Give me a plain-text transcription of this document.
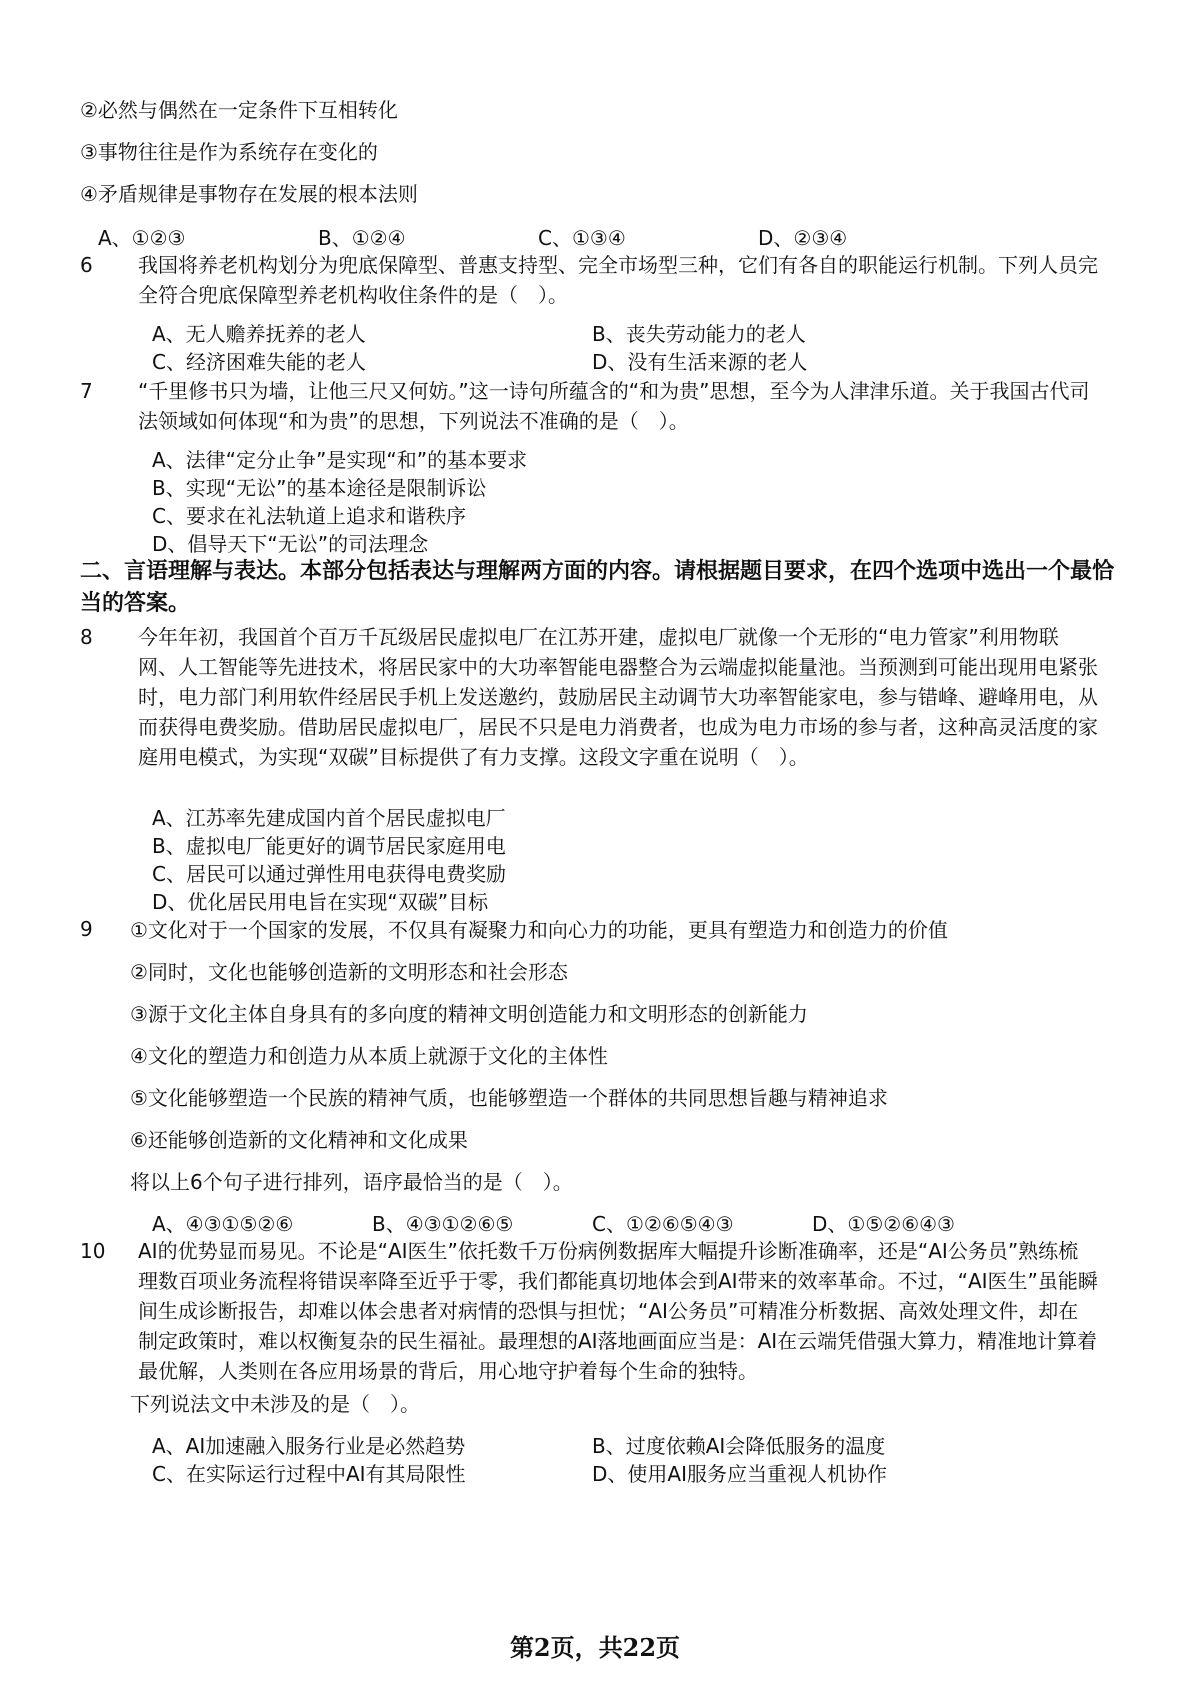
②必然与偶然在一定条件下互相转化
③事物往往是作为系统存在变化的
④矛盾规律是事物存在发展的根本法则
A、①②③	B、①②④	C、①③④	D、②③④
6 我国将养老机构划分为兜底保障型、普惠支持型、完全市场型三种，它们有各自的职能运行机制。下列人员完全符合兜底保障型养老机构收住条件的是（　）。
A、无人赡养抚养的老人	B、丧失劳动能力的老人
C、经济困难失能的老人	D、没有生活来源的老人
7 “千里修书只为墙，让他三尺又何妨。”这一诗句所蕴含的“和为贵”思想，至今为人津津乐道。关于我国古代司法领域如何体现“和为贵”的思想，下列说法不准确的是（　）。
A、法律“定分止争”是实现“和”的基本要求
B、实现“无讼”的基本途径是限制诉讼
C、要求在礼法轨道上追求和谐秩序
D、倡导天下“无讼”的司法理念
二、言语理解与表达。本部分包括表达与理解两方面的内容。请根据题目要求，在四个选项中选出一个最恰当的答案。
8 今年年初，我国首个百万千瓦级居民虚拟电厂在江苏开建，虚拟电厂就像一个无形的“电力管家”利用物联网、人工智能等先进技术，将居民家中的大功率智能电器整合为云端虚拟能量池。当预测到可能出现用电紧张时，电力部门利用软件经居民手机上发送邀约，鼓励居民主动调节大功率智能家电，参与错峰、避峰用电，从而获得电费奖励。借助居民虚拟电厂，居民不只是电力消费者，也成为电力市场的参与者，这种高灵活度的家庭用电模式，为实现“双碳”目标提供了有力支撑。这段文字重在说明（　）。
A、江苏率先建成国内首个居民虚拟电厂
B、虚拟电厂能更好的调节居民家庭用电
C、居民可以通过弹性用电获得电费奖励
D、优化居民用电旨在实现“双碳”目标
9 ①文化对于一个国家的发展，不仅具有凝聚力和向心力的功能，更具有塑造力和创造力的价值
②同时，文化也能够创造新的文明形态和社会形态
③源于文化主体自身具有的多向度的精神文明创造能力和文明形态的创新能力
④文化的塑造力和创造力从本质上就源于文化的主体性
⑤文化能够塑造一个民族的精神气质，也能够塑造一个群体的共同思想旨趣与精神追求
⑥还能够创造新的文化精神和文化成果
将以上6个句子进行排列，语序最恰当的是（　）。
A、④③①⑤②⑥	B、④③①②⑥⑤	C、①②⑥⑤④③	D、①⑤②⑥④③
10 AI的优势显而易见。不论是“AI医生”依托数千万份病例数据库大幅提升诊断准确率，还是“AI公务员”熟练梳理数百项业务流程将错误率降至近乎于零，我们都能真切地体会到AI带来的效率革命。不过，“AI医生”虽能瞬间生成诊断报告，却难以体会患者对病情的恐惧与担忧；“AI公务员”可精准分析数据、高效处理文件，却在制定政策时，难以权衡复杂的民生福祉。最理想的AI落地画面应当是：AI在云端凭借强大算力，精准地计算着最优解，人类则在各应用场景的背后，用心地守护着每个生命的独特。
下列说法文中未涉及的是（　）。
A、AI加速融入服务行业是必然趋势	B、过度依赖AI会降低服务的温度
C、在实际运行过程中AI有其局限性	D、使用AI服务应当重视人机协作
第2页，共22页
